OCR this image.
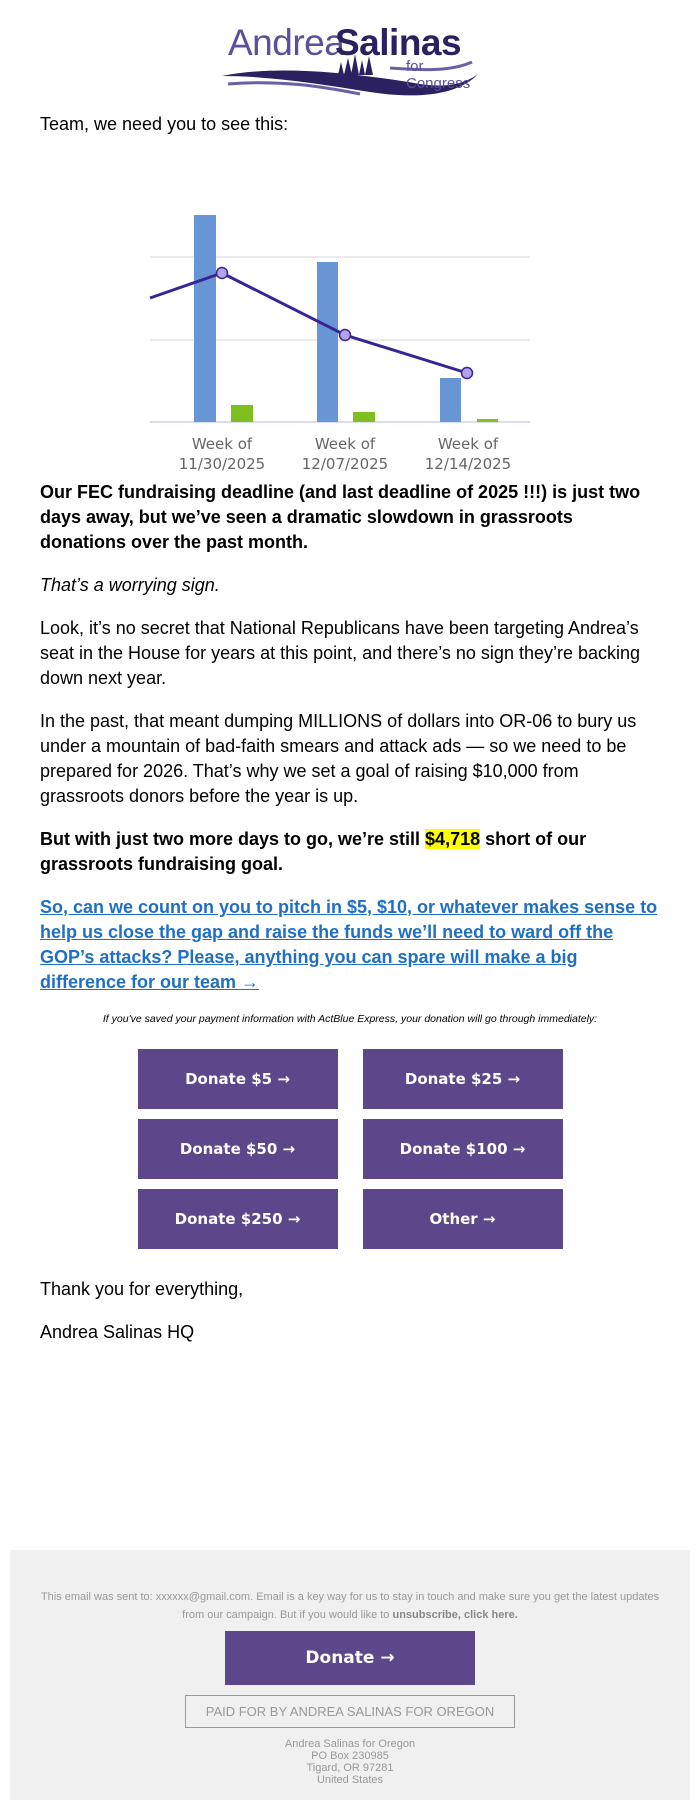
Andrea
Salinas
for Congress

Team, we need you to see this:

Week of
11/30/2025
Week of
12/07/2025
Week of
12/14/2025

Our FEC fundraising deadline (and last deadline of 2025 !!!) is just two days away, but we’ve seen a dramatic slowdown in grassroots donations over the past month.

That’s a worrying sign.

Look, it’s no secret that National Republicans have been targeting Andrea’s seat in the House for years at this point, and there’s no sign they’re backing down next year.

In the past, that meant dumping MILLIONS of dollars into OR-06 to bury us under a mountain of bad-faith smears and attack ads — so we need to be prepared for 2026. That’s why we set a goal of raising $10,000 from grassroots donors before the year is up.

But with just two more days to go, we’re still $4,718 short of our grassroots fundraising goal.

So, can we count on you to pitch in $5, $10, or whatever makes sense to help us close the gap and raise the funds we’ll need to ward off the GOP’s attacks? Please, anything you can spare will make a big difference for our team →

If you've saved your payment information with ActBlue Express, your donation will go through immediately:

Donate $5 →	Donate $25 →
Donate $50 →	Donate $100 →
Donate $250 →	Other →

Thank you for everything,

Andrea Salinas HQ

This email was sent to: xxxxxx@gmail.com. Email is a key way for us to stay in touch and make sure you get the latest updates from our campaign. But if you would like to unsubscribe, click here.

Donate →
PAID FOR BY ANDREA SALINAS FOR OREGON
Andrea Salinas for Oregon
PO Box 230985
Tigard, OR 97281
United States
